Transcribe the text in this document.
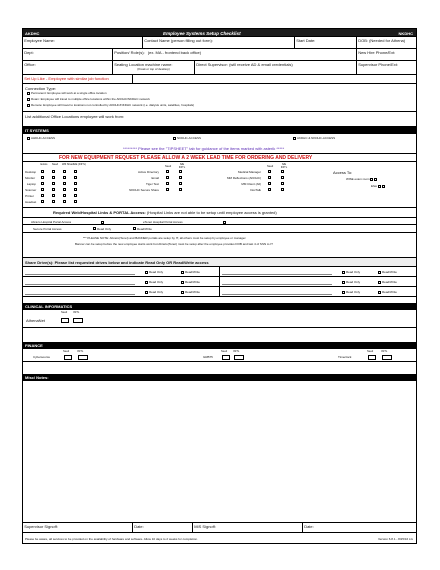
AKDHC	Employee Systems Setup Checklist	NKDHC
Employee Name:	Contact Name (person filling out form):	Start Date:	DOB: (Needed for Athena)
Dept:	Position/ Role(s): (ex. MA - frontend back office)	New Hire Phone/Ext:
Office:	Seating Location machine name:
(Kiosk or top of desktop)
Direct Supervisor: (will receive AD & email credentials)	Supervisor Phone/Ext:
Set Up Like - Employee with similar job function
Connection Type:
Permanent: Employee will work at a single office location
Roam: Employee will travel to multiple office locations within the AKDHC/NKDHC network
Remote: Employee will travel to locations not controlled by AKDHC/NKDHC network (i.e. dialysis units, satellites, hospitals)
List additional Office Locations employee will work from:
IT SYSTEMS
AHDHC-ACCESS	NKDHC-ACCESS	AKDHC & NKDHC-ACCESS
********* Please see the "TIPSHEET" tab for guidance of the items marked with asterik *****
FOR NEW EQUIPMENT REQUEST PLEASE ALLOW A 2 WEEK LEAD TIME FOR ORDERING AND DELIVERY
Exists	Need	Will Share N/E (INITL)
Desktop
Monitor
Laptop
Scanner
Printer
Headset
Need
N/E INITL
Active Directory
Email
Tiger Text
NKDHC Secure Share
Need
N/E INITL
Medical Manager
MM Reflections (AKDHC)
MM Client (All)
DocTalk
Access To:
WISE exam room
Efax
Required Web/Hospital Links & PORTAL Access: (Hospital Links are not able to be setup until employee access is granted)
Abrazo Hospital Portal Access	eTenet Hospital Portal Access
Secure Portal Access	Read Only	Read/Write
*** PLEASE NOTE: Abrazo(Tenet) and BANNER portals are setup by IT, all others must be setup by employee or manager.
Banner can be setup before the new employee starts work but Abrazo(Tenet) must be setup after the employee provides DOB and last 4 of SSN to IT
Share Drive(s): Please list requested drives below and indicate Read Only OR Read/Write access
Read Only	Read/Write	Read Only	Read/Write
Read Only	Read/Write	Read Only	Read/Write
Read Only	Read/Write	Read Only	Read/Write
CLINICAL INFORMATICS
Need INITL
AthenaNet
FINANCE
Need	INITL
Cybersource
Need INITL
GRB75
Need	INITL
Timeclock
Misc/ Notes:
Supervisor Signoff:	Date:	MIS Signoff:	Date:
Please be aware, all services to be provided on the availability of hardware and software. Allow 10 days to 2 weeks for completion.	Version 6.8.1 - 8/25/16 LG
